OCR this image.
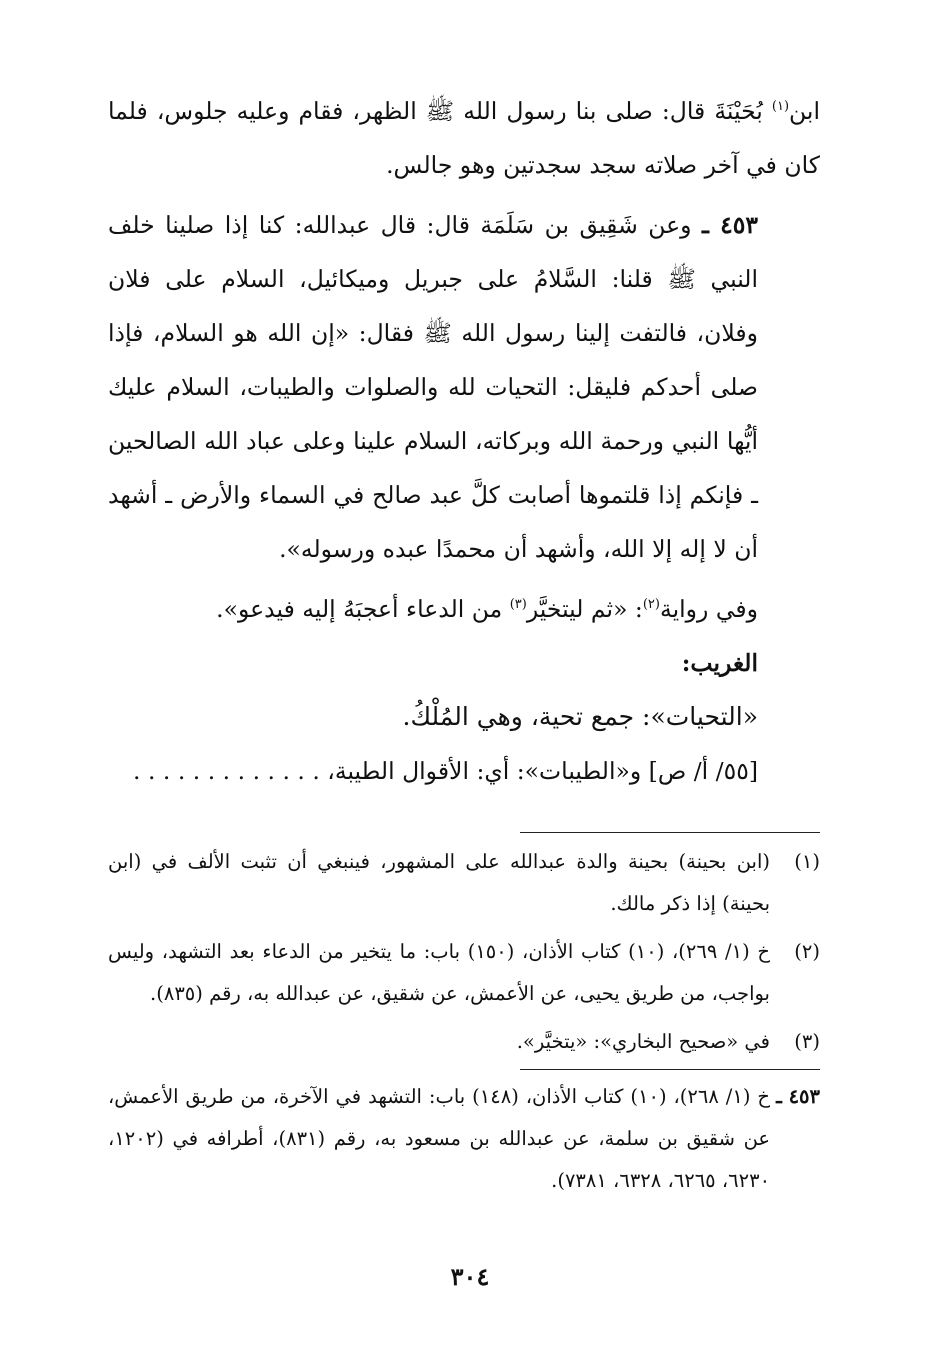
ابن$^{(١)}$ بُحَيْنَةَ قال: صلى بنا رسول الله ﷺ الظهر، فقام وعليه جلوس، فلما كان في آخر صلاته سجد سجدتين وهو جالس.

٤٥٣ ـ وعن شَقِيق بن سَلَمَة قال: قال عبدالله: كنا إذا صلينا خلف النبي ﷺ قلنا: السَّلامُ على جبريل وميكائيل، السلام على فلان وفلان، فالتفت إلينا رسول الله ﷺ فقال: «إن الله هو السلام، فإذا صلى أحدكم فليقل: التحيات لله والصلوات والطيبات، السلام عليك أيُّها النبي ورحمة الله وبركاته، السلام علينا وعلى عباد الله الصالحين ـ فإنكم إذا قلتموها أصابت كلَّ عبد صالح في السماء والأرض ـ أشهد أن لا إله إلا الله، وأشهد أن محمدًا عبده ورسوله».

وفي رواية$^{(٢)}$: «ثم ليتخيَّر$^{(٣)}$ من الدعاء أعجبَهُ إليه فيدعو».

الغريب:

«التحيات»: جمع تحية، وهي المُلْكُ.

[٥٥/ أ/ ص] و«الطيبات»: أي: الأقوال الطيبة، . . . . . . . . . . . . .

(١)
(ابن بحينة) بحينة والدة عبدالله على المشهور، فينبغي أن تثبت الألف في (ابن بحينة) إذا ذكر مالك.
(٢)
خ (١/ ٢٦٩)، (١٠) كتاب الأذان، (١٥٠) باب: ما يتخير من الدعاء بعد التشهد، وليس بواجب، من طريق يحيى، عن الأعمش، عن شقيق، عن عبدالله به، رقم (٨٣٥).
(٣)
في «صحيح البخاري»: «يتخيَّر».
٤٥٣ ـ
خ (١/ ٢٦٨)، (١٠) كتاب الأذان، (١٤٨) باب: التشهد في الآخرة، من طريق الأعمش، عن شقيق بن سلمة، عن عبدالله بن مسعود به، رقم (٨٣١)، أطرافه في (١٢٠٢، ٦٢٣٠، ٦٢٦٥، ٦٣٢٨، ٧٣٨١).
٣٠٤
